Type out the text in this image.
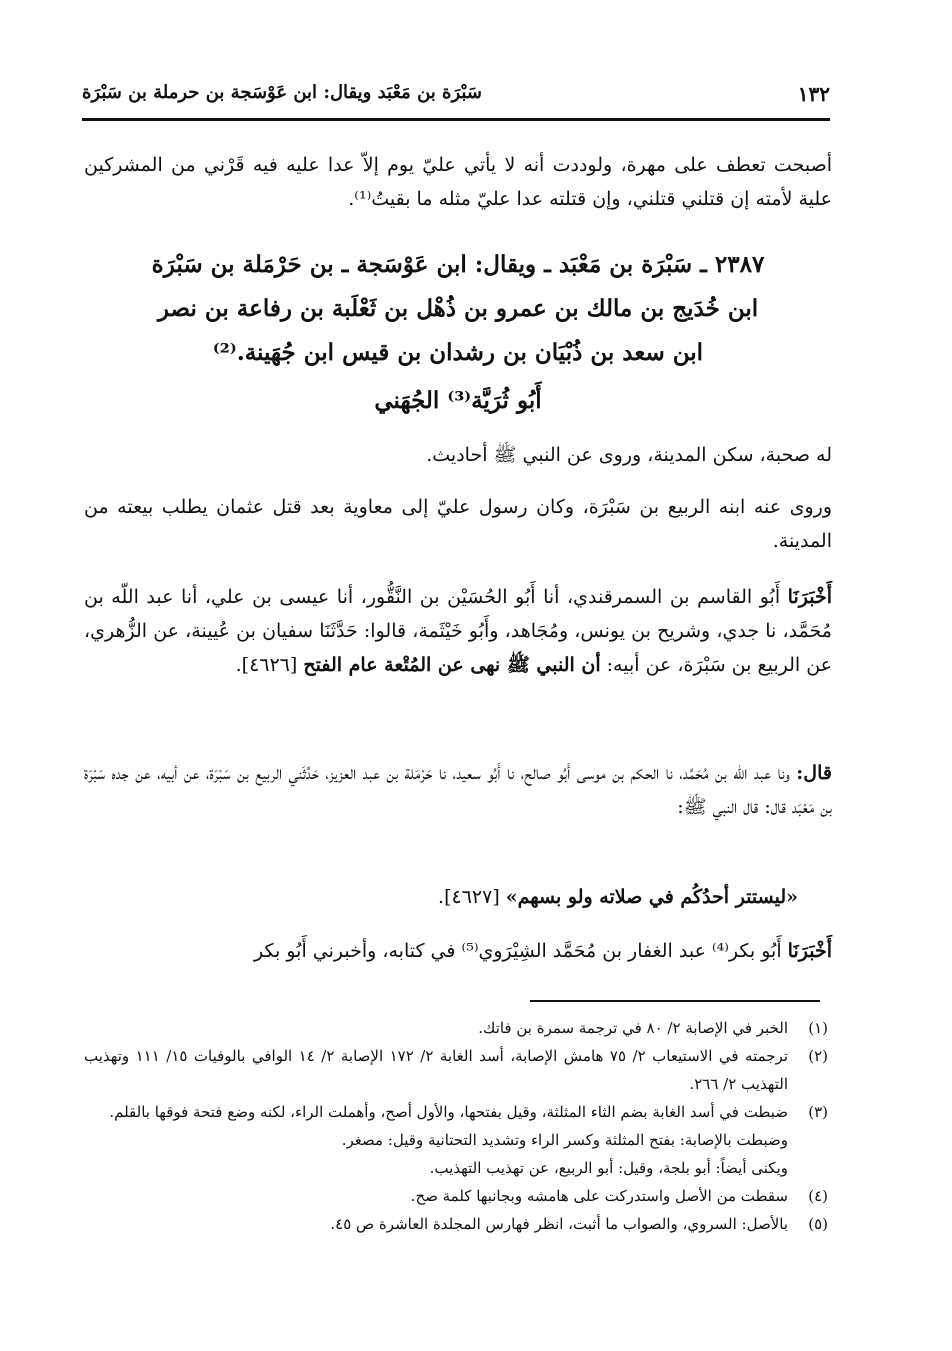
١٣٢
سَبْرَة بن مَعْبَد ويقال: ابن عَوْسَجة بن حرملة بن سَبْرَة
أصبحت تعطف على مهرة، ولوددت أنه لا يأتي عليّ يوم إلاّ عدا عليه فيه قَرْني من المشركين علية لأمته إن قتلني قتلني، وإن قتلته عدا عليّ مثله ما بقيتُ⁽¹⁾.
٢٣٨٧ ـ سَبْرَة بن مَعْبَد ـ ويقال: ابن عَوْسَجة ـ بن حَرْمَلة بن سَبْرَة
ابن خُدَيج بن مالك بن عمرو بن ذُهْل بن ثَعْلَبة بن رفاعة بن نصر
ابن سعد بن ذُبْيَان بن رشدان بن قيس ابن جُهَينة.⁽²⁾
أَبُو ثُرَيَّة⁽³⁾ الجُهَني
له صحبة، سكن المدينة، وروى عن النبي ﷺ أحاديث.
وروى عنه ابنه الربيع بن سَبْرَة، وكان رسول عليّ إلى معاوية بعد قتل عثمان يطلب بيعته من المدينة.
أَخْبَرَنَا أَبُو القاسم بن السمرقندي، أنا أَبُو الحُسَيْن بن النَّقُّور، أنا عيسى بن علي، أنا عبد اللّه بن مُحَمَّد، نا جدي، وشريح بن يونس، ومُجَاهد، وأَبُو خَيْثَمة، قالوا: حَدَّثَنَا سفيان بن عُيينة، عن الزُّهري، عن الربيع بن سَبْرَة، عن أبيه: أن النبي ﷺ نهى عن المُتْعة عام الفتح [٤٦٢٦].
قال: ونا عبد اللّه بن مُحَمَّد، نا الحكم بن موسى أَبُو صالح، نا أَبُو سعيد، نا حَرْمَلة بن عبد العزيز، حَدَّثَني الربيع بن سَبْرَة، عن أبيه، عن جده سَبْرَة بن مَعْبَد قال: قال النبي ﷺ:
«ليستتر أحدُكُم في صلاته ولو بسهم» [٤٦٢٧].
أَخْبَرَنَا أَبُو بكر⁽⁴⁾ عبد الغفار بن مُحَمَّد الشِيْرَوي⁽⁵⁾ في كتابه، وأخبرني أَبُو بكر
(١)
الخبر في الإصابة ٢/ ٨٠ في ترجمة سمرة بن فاتك.
(٢)
ترجمته في الاستيعاب ٢/ ٧٥ هامش الإصابة، أسد الغابة ٢/ ١٧٢ الإصابة ٢/ ١٤ الوافي بالوفيات ١٥/ ١١١ وتهذيب التهذيب ٢/ ٢٦٦.
(٣)
ضبطت في أسد الغابة بضم الثاء المثلثة، وقيل بفتحها، والأول أصح، وأهملت الراء، لكنه وضع فتحة فوقها بالقلم.
وضبطت بالإصابة: بفتح المثلثة وكسر الراء وتشديد التحتانية وقيل: مصغر.
ويكنى أيضاً: أبو بلجة، وقيل: أبو الربيع، عن تهذيب التهذيب.
(٤)
سقطت من الأصل واستدركت على هامشه وبجانبها كلمة صح.
(٥)
بالأصل: السروي، والصواب ما أثبت، انظر فهارس المجلدة العاشرة ص ٤٥.
